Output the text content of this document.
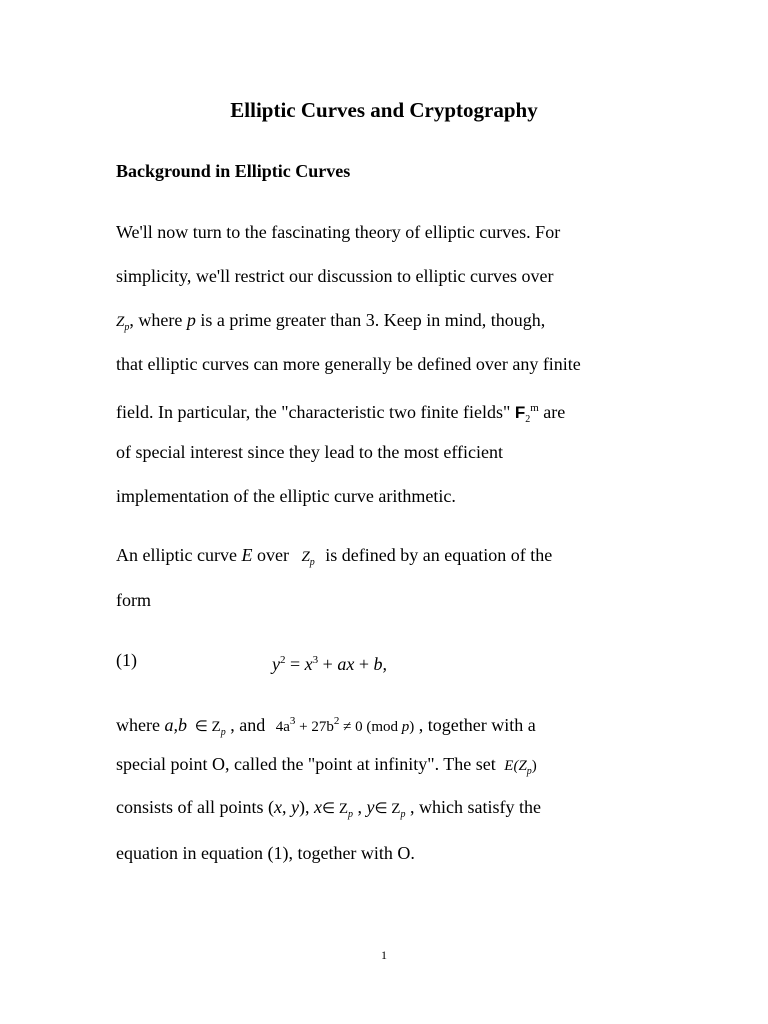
Elliptic Curves and Cryptography
Background in Elliptic Curves
We'll now turn to the fascinating theory of elliptic curves. For
simplicity, we'll restrict our discussion to elliptic curves over
$Z_p$, where p is a prime greater than 3. Keep in mind, though,
that elliptic curves can more generally be defined over any finite
field. In particular, the "characteristic two finite fields" $F_2^m$ are
of special interest since they lead to the most efficient
implementation of the elliptic curve arithmetic.
An elliptic curve E over $Z_p$ is defined by an equation of the
form
(1)	$y^2 = x^3$ + ax + b,
where a,b ∈ $Z_p$ , and $4a^3 + 27b^2 \ne 0$ (mod p) , together with a
special point O, called the "point at infinity". The set $E(Z_p)$
consists of all points (x, y), x∈ $Z_p$ , y∈ $Z_p$ , which satisfy the
equation in equation (1), together with O.
1
